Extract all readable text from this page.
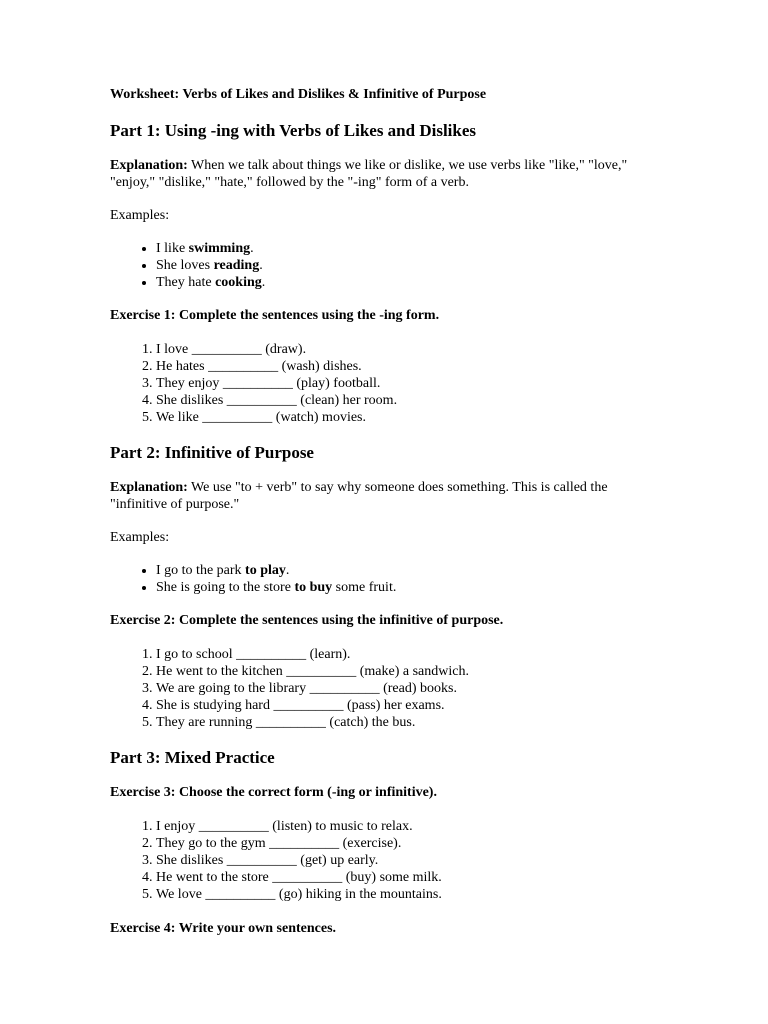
Worksheet: Verbs of Likes and Dislikes & Infinitive of Purpose
Part 1: Using -ing with Verbs of Likes and Dislikes

Explanation: When we talk about things we like or dislike, we use verbs like "like," "love," "enjoy," "dislike," "hate," followed by the "-ing" form of a verb.

Examples:

• I like swimming.
• She loves reading.
• They hate cooking.
Exercise 1: Complete the sentences using the -ing form.
1. I love __________ (draw).
2. He hates __________ (wash) dishes.
3. They enjoy __________ (play) football.
4. She dislikes __________ (clean) her room.
5. We like __________ (watch) movies.
Part 2: Infinitive of Purpose

Explanation: We use "to + verb" to say why someone does something. This is called the "infinitive of purpose."

Examples:

• I go to the park to play.
• She is going to the store to buy some fruit.
Exercise 2: Complete the sentences using the infinitive of purpose.
1. I go to school __________ (learn).
2. He went to the kitchen __________ (make) a sandwich.
3. We are going to the library __________ (read) books.
4. She is studying hard __________ (pass) her exams.
5. They are running __________ (catch) the bus.
Part 3: Mixed Practice
Exercise 3: Choose the correct form (-ing or infinitive).
1. I enjoy __________ (listen) to music to relax.
2. They go to the gym __________ (exercise).
3. She dislikes __________ (get) up early.
4. He went to the store __________ (buy) some milk.
5. We love __________ (go) hiking in the mountains.
Exercise 4: Write your own sentences.
